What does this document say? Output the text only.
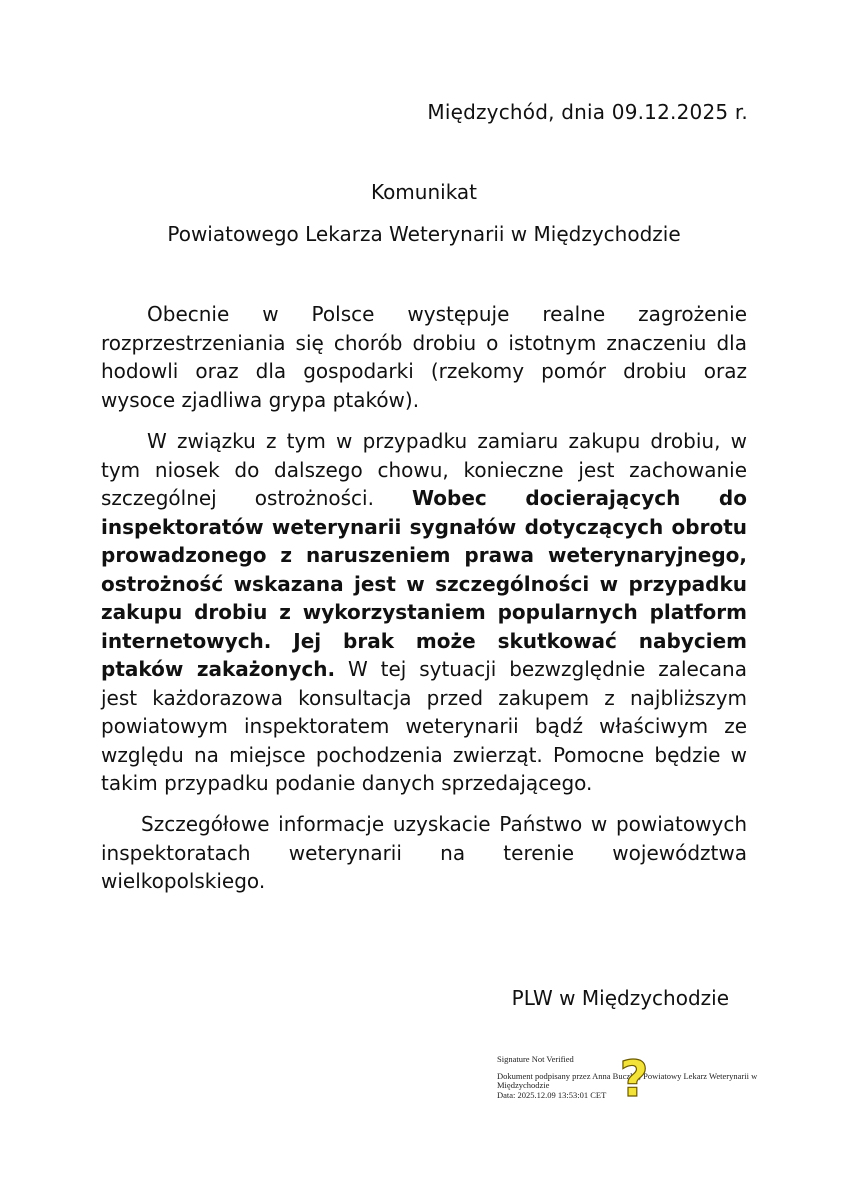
Międzychód, dnia 09.12.2025 r.
Komunikat
Powiatowego Lekarza Weterynarii w Międzychodzie
Obecnie w Polsce występuje realne zagrożenie rozprzestrzeniania się chorób drobiu o istotnym znaczeniu dla hodowli oraz dla gospodarki (rzekomy pomór drobiu oraz wysoce zjadliwa grypa ptaków).
W związku z tym w przypadku zamiaru zakupu drobiu, w tym niosek do dalszego chowu, konieczne jest zachowanie szczególnej ostrożności. Wobec docierających do inspektoratów weterynarii sygnałów dotyczących obrotu prowadzonego z naruszeniem prawa weterynaryjnego, ostrożność wskazana jest w szczególności w przypadku zakupu drobiu z wykorzystaniem popularnych platform internetowych. Jej brak może skutkować nabyciem ptaków zakażonych. W tej sytuacji bezwzględnie zalecana jest każdorazowa konsultacja przed zakupem z najbliższym powiatowym inspektoratem weterynarii bądź właściwym ze względu na miejsce pochodzenia zwierząt. Pomocne będzie w takim przypadku podanie danych sprzedającego.
Szczegółowe informacje uzyskacie Państwo w powiatowych inspektoratach weterynarii na terenie województwa wielkopolskiego.
PLW w Międzychodzie
Signature Not Verified
Dokument podpisany przez Anna Buczko; Powiatowy Lekarz Weterynarii w Międzychodzie
Data: 2025.12.09 13:53:01 CET ?
